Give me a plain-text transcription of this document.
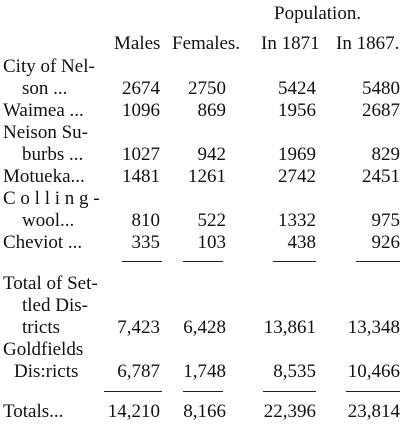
Population.
Males Females. In 1871 In 1867.
City of Nel-
son ...	2674 2750	5424 5480
Waimea ... 1096 869	1956 2687
Neison Su-
burbs ... 1027 942	1969	829
Motueka... 1481 1261	2742 2451
C o l l i n g -
wool...	810 522	1332	975
Cheviot ...	335 103	438	926
Total of Set-
tled Dis-
tricts	7,423 6,428 13,861 13,348
Goldfields
Dis:ricts 6,787 1,748 8,535 10,466
Totals... 14,210 8,166 22,396 23,814
